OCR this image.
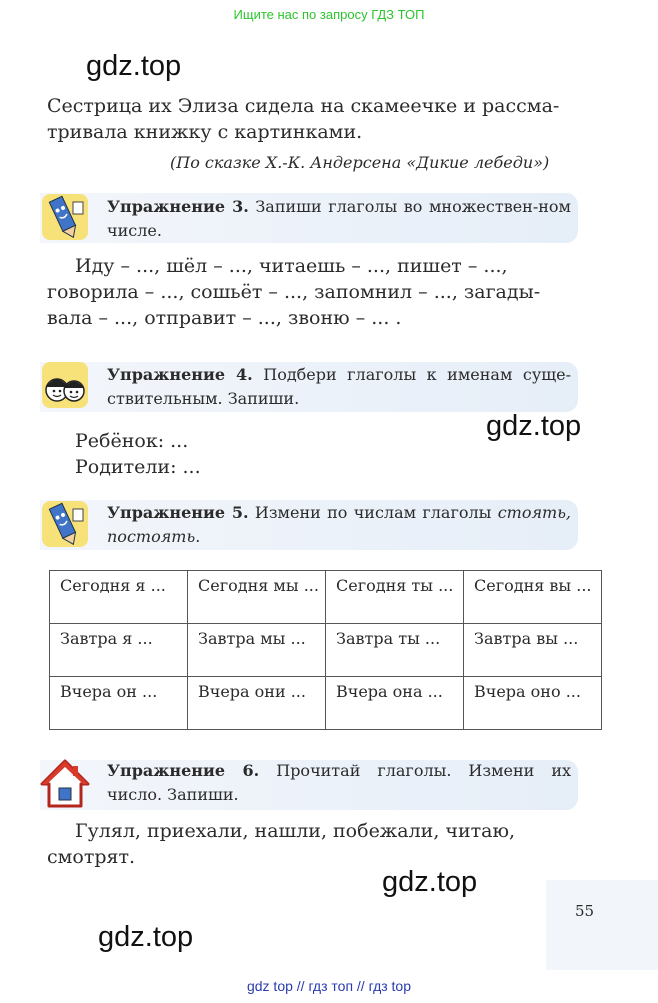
Ищите нас по запросу ГДЗ ТОП
gdz.top
Сестрица их Элиза сидела на скамеечке и рассма-
тривала книжку с картинками.
(По сказке Х.-К. Андерсена «Дикие лебеди»)
Упражнение 3. Запиши глаголы во множествен-ном числе.
Иду – ..., шёл – ..., читаешь – ..., пишет – ...,
говорила – ..., сошьёт – ..., запомнил – ..., загады-
вала – ..., отправит – ..., звоню – ... .
Упражнение 4. Подбери глаголы к именам суще-ствительным. Запиши.
gdz.top
Ребёнок: ...
Родители: ...
Упражнение 5. Измени по числам глаголы стоять, постоять.
Сегодня я ...	Сегодня мы ...	Сегодня ты ...	Сегодня вы ...
Завтра я ...	Завтра мы ...	Завтра ты ...	Завтра вы ...
Вчера он ...	Вчера они ...	Вчера она ...	Вчера оно ...
Упражнение 6. Прочитай глаголы. Измени их число. Запиши.
Гулял, приехали, нашли, побежали, читаю,
смотрят.
gdz.top
55
gdz.top
gdz top // гдз топ // гдз top
